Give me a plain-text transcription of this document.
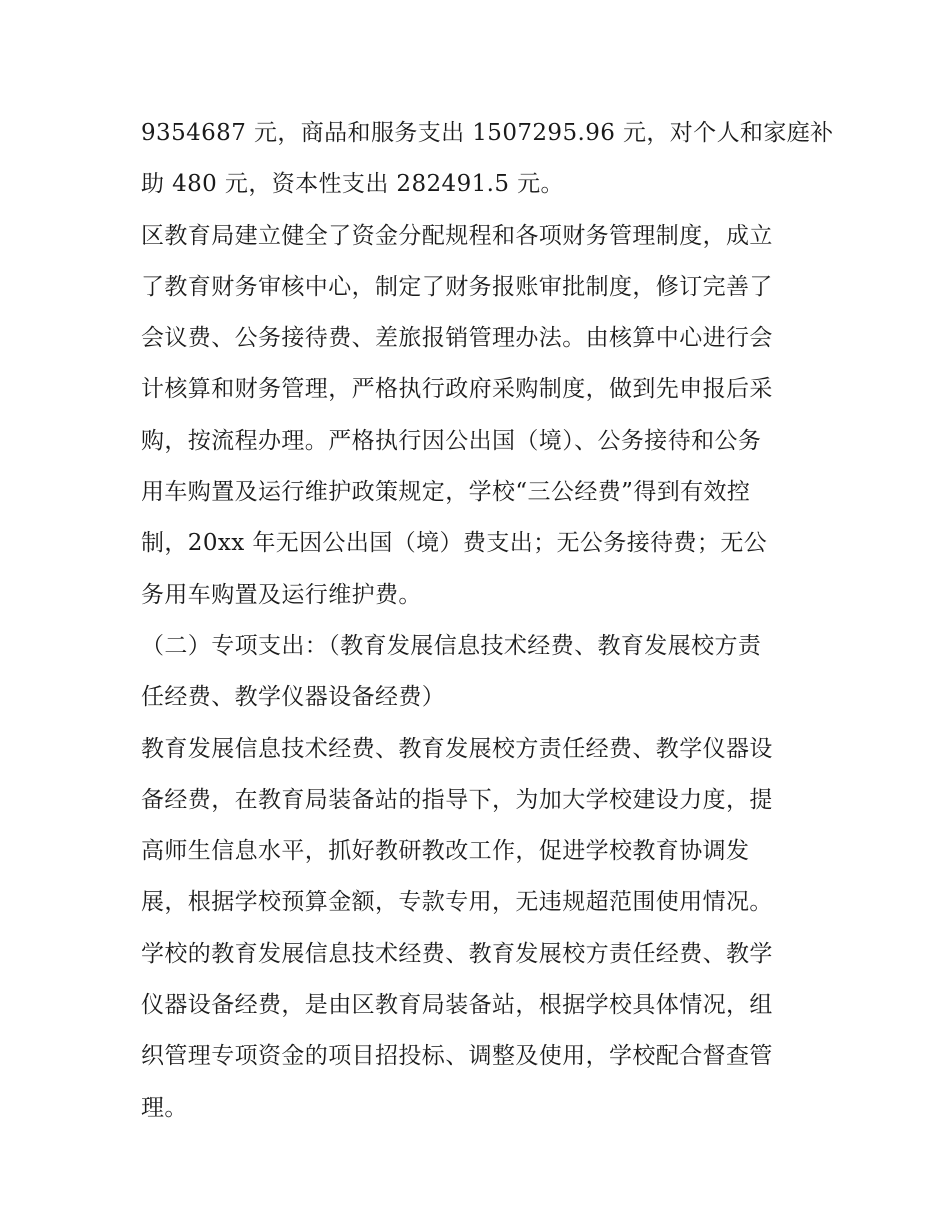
9354687 元，商品和服务支出 1507295.96 元，对个人和家庭补
助 480 元，资本性支出 282491.5 元。
区教育局建立健全了资金分配规程和各项财务管理制度，成立
了教育财务审核中心，制定了财务报账审批制度，修订完善了
会议费、公务接待费、差旅报销管理办法。由核算中心进行会
计核算和财务管理，严格执行政府采购制度，做到先申报后采
购，按流程办理。严格执行因公出国（境）、公务接待和公务
用车购置及运行维护政策规定，学校“三公经费”得到有效控
制，20xx 年无因公出国（境）费支出；无公务接待费；无公
务用车购置及运行维护费。
（二）专项支出：（教育发展信息技术经费、教育发展校方责
任经费、教学仪器设备经费）
教育发展信息技术经费、教育发展校方责任经费、教学仪器设
备经费，在教育局装备站的指导下，为加大学校建设力度，提
高师生信息水平，抓好教研教改工作，促进学校教育协调发
展，根据学校预算金额，专款专用，无违规超范围使用情况。
学校的教育发展信息技术经费、教育发展校方责任经费、教学
仪器设备经费，是由区教育局装备站，根据学校具体情况，组
织管理专项资金的项目招投标、调整及使用，学校配合督查管
理。
